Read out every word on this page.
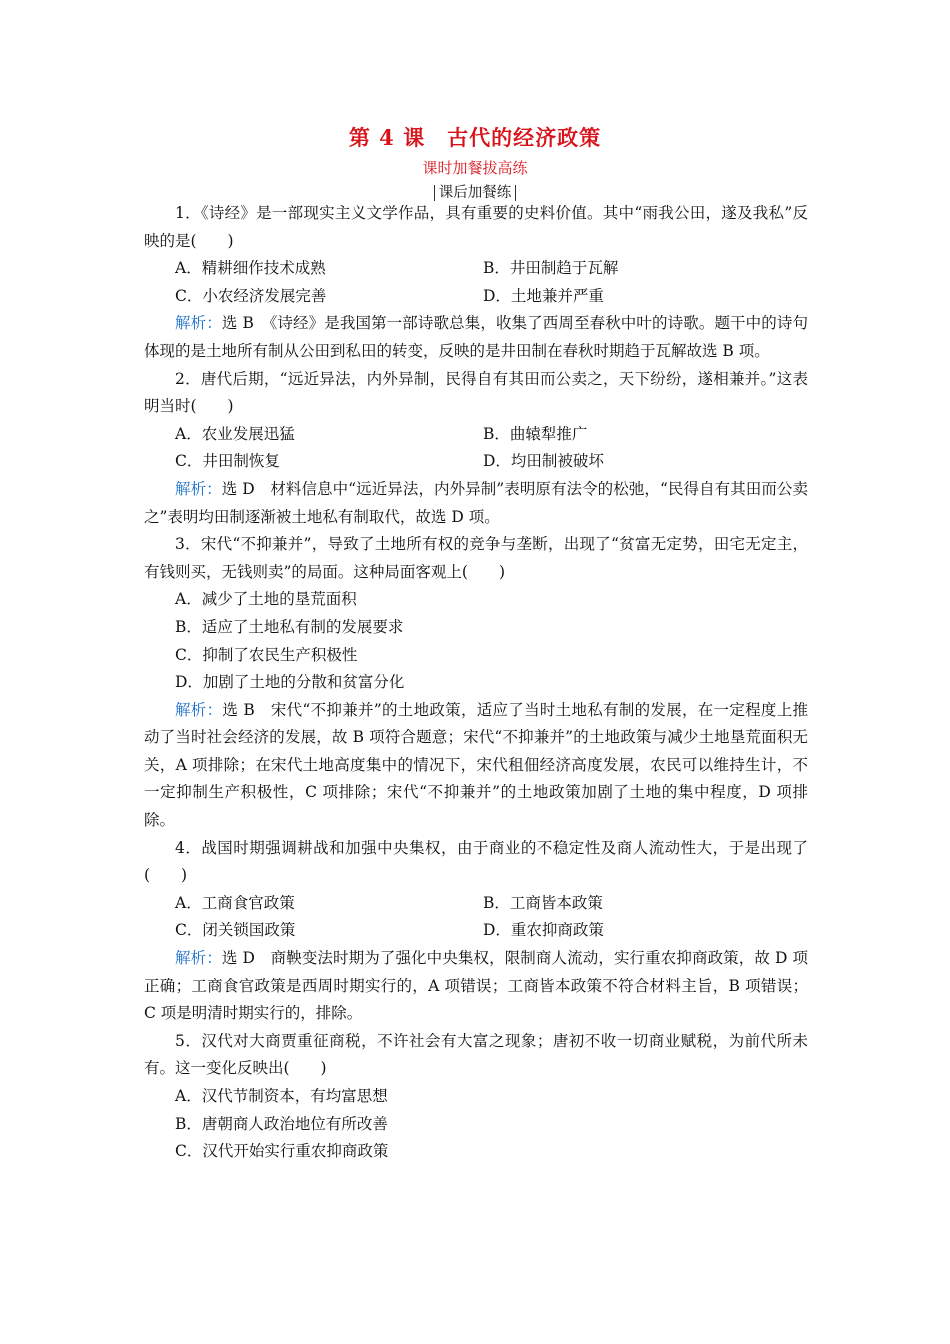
第 4 课　古代的经济政策
课时加餐拔高练
课后加餐练

1．《诗经》是一部现实主义文学作品，具有重要的史料价值。其中“雨我公田，遂及我私”反映的是(　　)

A．精耕细作技术成熟	B．井田制趋于瓦解
C．小农经济发展完善	D．土地兼并严重

解析：选 B　《诗经》是我国第一部诗歌总集，收集了西周至春秋中叶的诗歌。题干中的诗句体现的是土地所有制从公田到私田的转变，反映的是井田制在春秋时期趋于瓦解故选 B 项。

2．唐代后期，“远近异法，内外异制，民得自有其田而公卖之，天下纷纷，遂相兼并。”这表明当时(　　)

A．农业发展迅猛	B．曲辕犁推广
C．井田制恢复	D．均田制被破坏

解析：选 D　材料信息中“远近异法，内外异制”表明原有法令的松弛，“民得自有其田而公卖之”表明均田制逐渐被土地私有制取代，故选 D 项。

3．宋代“不抑兼并”，导致了土地所有权的竞争与垄断，出现了“贫富无定势，田宅无定主，有钱则买，无钱则卖”的局面。这种局面客观上(　　)

A．减少了土地的垦荒面积

B．适应了土地私有制的发展要求

C．抑制了农民生产积极性

D．加剧了土地的分散和贫富分化

解析：选 B　宋代“不抑兼并”的土地政策，适应了当时土地私有制的发展，在一定程度上推动了当时社会经济的发展，故 B 项符合题意；宋代“不抑兼并”的土地政策与减少土地垦荒面积无关，A 项排除；在宋代土地高度集中的情况下，宋代租佃经济高度发展，农民可以维持生计，不一定抑制生产积极性，C 项排除；宋代“不抑兼并”的土地政策加剧了土地的集中程度，D 项排除。

4．战国时期强调耕战和加强中央集权，由于商业的不稳定性及商人流动性大，于是出现了(　　)

A．工商食官政策	B．工商皆本政策
C．闭关锁国政策	D．重农抑商政策

解析：选 D　商鞅变法时期为了强化中央集权，限制商人流动，实行重农抑商政策，故 D 项正确；工商食官政策是西周时期实行的，A 项错误；工商皆本政策不符合材料主旨，B 项错误；C 项是明清时期实行的，排除。

5．汉代对大商贾重征商税，不许社会有大富之现象；唐初不收一切商业赋税，为前代所未有。这一变化反映出(　　)

A．汉代节制资本，有均富思想

B．唐朝商人政治地位有所改善

C．汉代开始实行重农抑商政策
